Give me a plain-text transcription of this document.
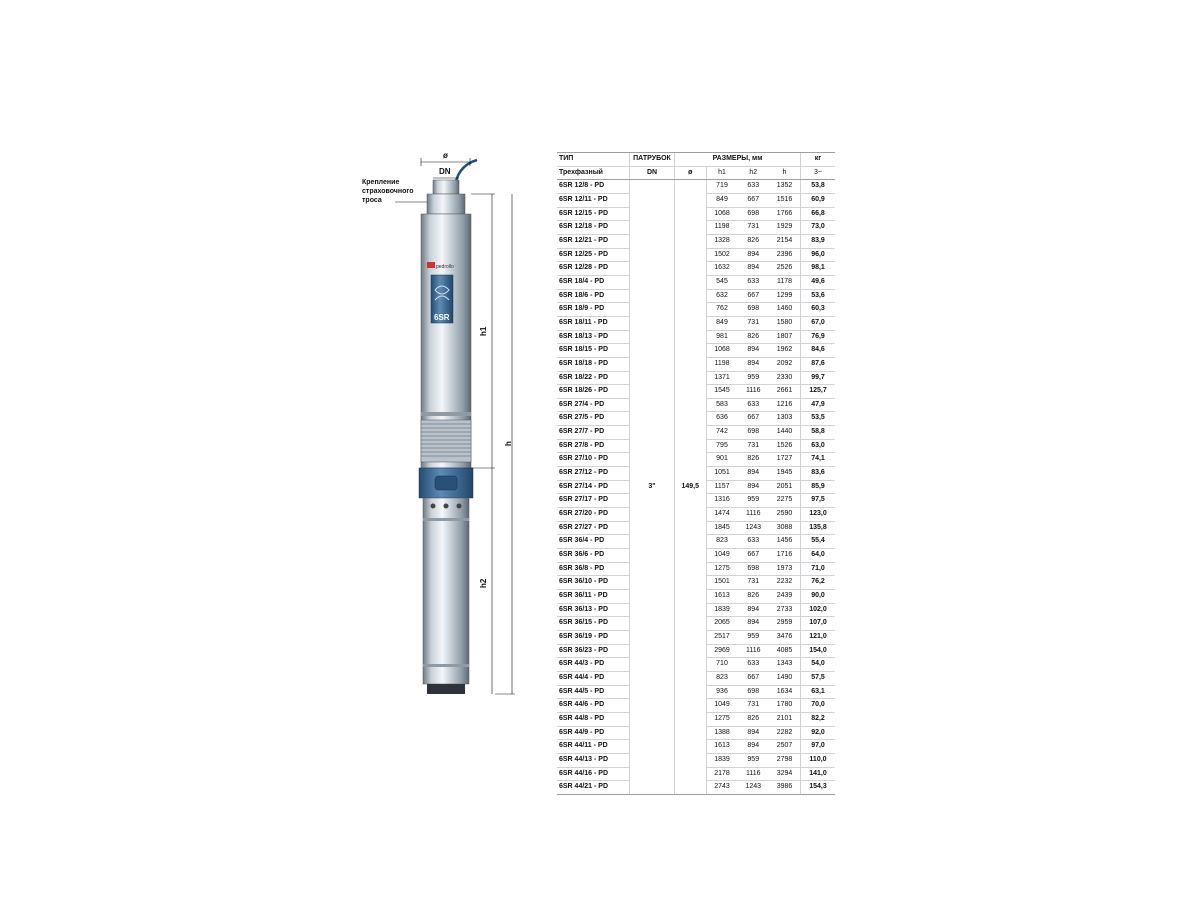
ø
DN
pedrollo
6SR
h1
h
h2
Крепление страховочного троса
ТИП	ПАТРУБОК	РАЗМЕРЫ, мм				кг
Трехфазный	DN	ø	h1	h2	h	3~
6SR 12/8 - PD	3"	149,5	719	633	1352	53,8
6SR 12/11 - PD			849	667	1516	60,9
6SR 12/15 - PD			1068	698	1766	66,8
6SR 12/18 - PD			1198	731	1929	73,0
6SR 12/21 - PD			1328	826	2154	83,9
6SR 12/25 - PD			1502	894	2396	96,0
6SR 12/28 - PD			1632	894	2526	98,1
6SR 18/4 - PD			545	633	1178	49,6
6SR 18/6 - PD			632	667	1299	53,6
6SR 18/9 - PD			762	698	1460	60,3
6SR 18/11 - PD			849	731	1580	67,0
6SR 18/13 - PD			981	826	1807	76,9
6SR 18/15 - PD			1068	894	1962	84,6
6SR 18/18 - PD			1198	894	2092	87,6
6SR 18/22 - PD			1371	959	2330	99,7
6SR 18/26 - PD			1545	1116	2661	125,7
6SR 27/4 - PD			583	633	1216	47,9
6SR 27/5 - PD			636	667	1303	53,5
6SR 27/7 - PD			742	698	1440	58,8
6SR 27/8 - PD			795	731	1526	63,0
6SR 27/10 - PD			901	826	1727	74,1
6SR 27/12 - PD			1051	894	1945	83,6
6SR 27/14 - PD			1157	894	2051	85,9
6SR 27/17 - PD			1316	959	2275	97,5
6SR 27/20 - PD			1474	1116	2590	123,0
6SR 27/27 - PD			1845	1243	3088	135,8
6SR 36/4 - PD			823	633	1456	55,4
6SR 36/6 - PD			1049	667	1716	64,0
6SR 36/8 - PD			1275	698	1973	71,0
6SR 36/10 - PD			1501	731	2232	76,2
6SR 36/11 - PD			1613	826	2439	90,0
6SR 36/13 - PD			1839	894	2733	102,0
6SR 36/15 - PD			2065	894	2959	107,0
6SR 36/19 - PD			2517	959	3476	121,0
6SR 36/23 - PD			2969	1116	4085	154,0
6SR 44/3 - PD			710	633	1343	54,0
6SR 44/4 - PD			823	667	1490	57,5
6SR 44/5 - PD			936	698	1634	63,1
6SR 44/6 - PD			1049	731	1780	70,0
6SR 44/8 - PD			1275	826	2101	82,2
6SR 44/9 - PD			1388	894	2282	92,0
6SR 44/11 - PD			1613	894	2507	97,0
6SR 44/13 - PD			1839	959	2798	110,0
6SR 44/16 - PD			2178	1116	3294	141,0
6SR 44/21 - PD			2743	1243	3986	154,3
